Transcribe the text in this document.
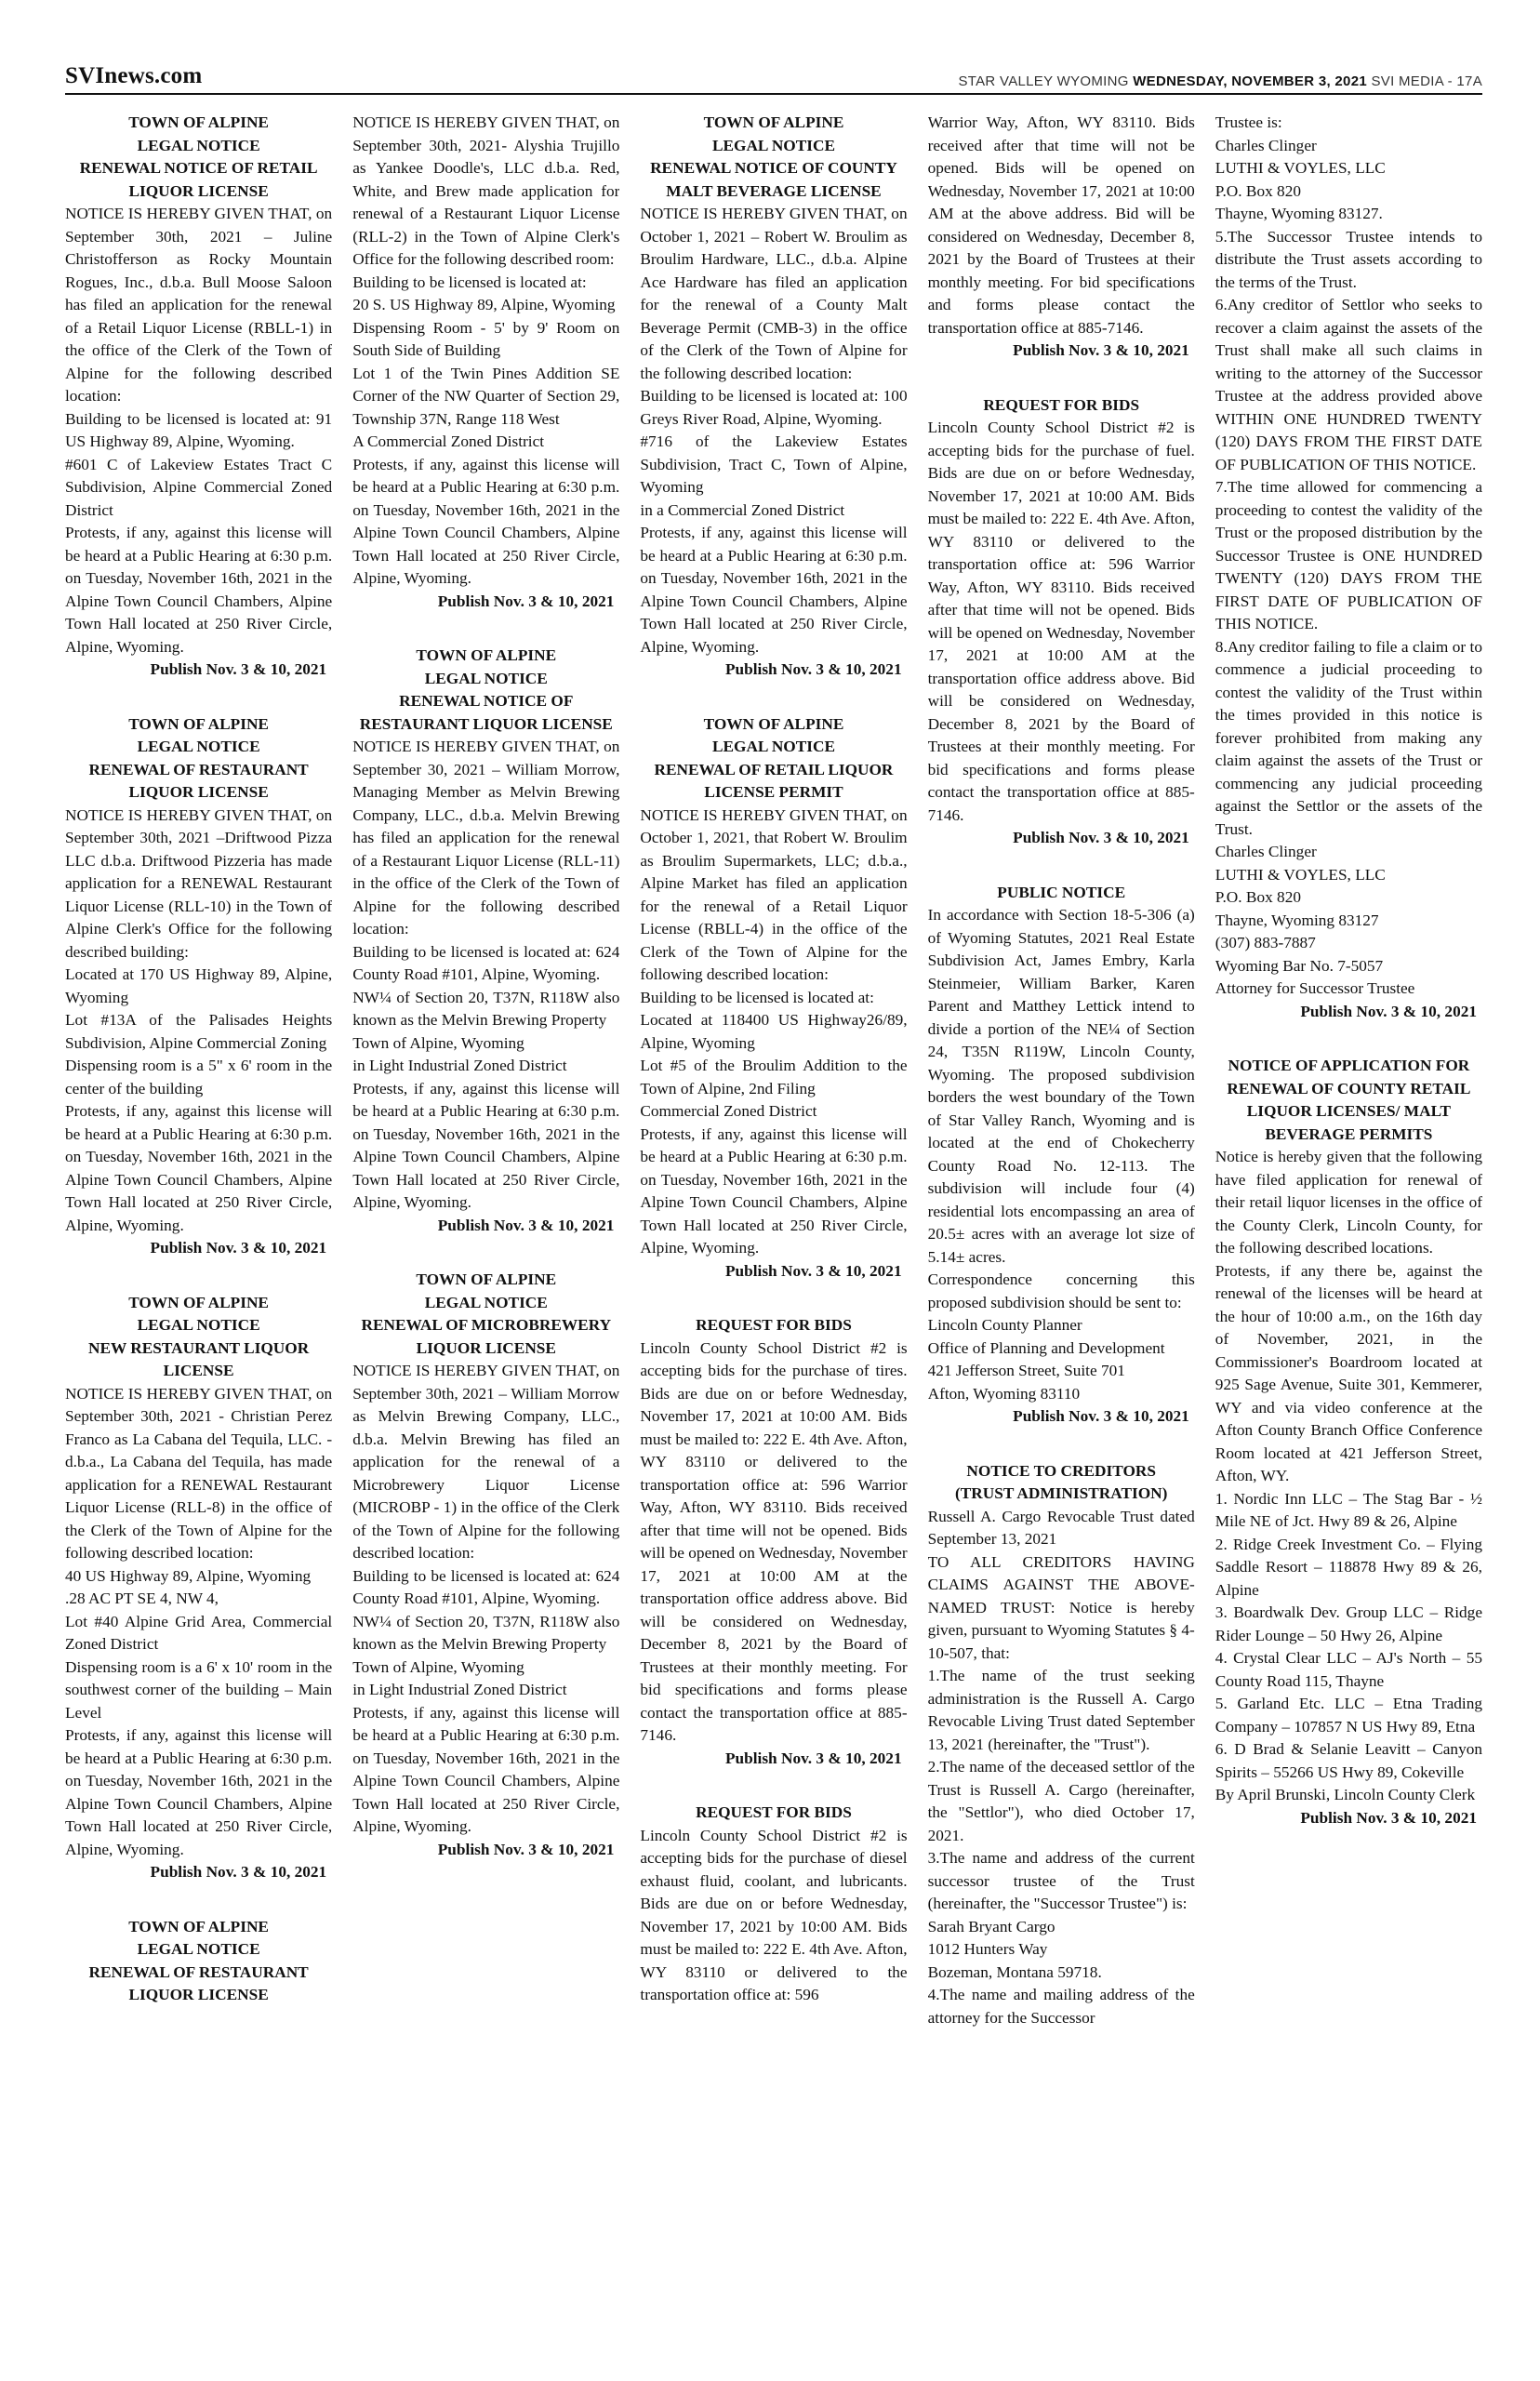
SVInews.com	STAR VALLEY WYOMING WEDNESDAY, NOVEMBER 3, 2021 SVI MEDIA - 17A
TOWN OF ALPINE
LEGAL NOTICE
RENEWAL NOTICE OF RETAIL LIQUOR LICENSE

NOTICE IS HEREBY GIVEN THAT, on September 30th, 2021 – Juline Christofferson as Rocky Mountain Rogues, Inc., d.b.a. Bull Moose Saloon has filed an application for the renewal of a Retail Liquor License (RBLL-1) in the office of the Clerk of the Town of Alpine for the following described location:

Building to be licensed is located at: 91 US Highway 89, Alpine, Wyoming.

#601 C of Lakeview Estates Tract C Subdivision, Alpine Commercial Zoned District

Protests, if any, against this license will be heard at a Public Hearing at 6:30 p.m. on Tuesday, November 16th, 2021 in the Alpine Town Council Chambers, Alpine Town Hall located at 250 River Circle, Alpine, Wyoming.

Publish Nov. 3 & 10, 2021
TOWN OF ALPINE
LEGAL NOTICE
RENEWAL OF RESTAURANT LIQUOR LICENSE

NOTICE IS HEREBY GIVEN THAT, on September 30th, 2021 –Driftwood Pizza LLC d.b.a. Driftwood Pizzeria has made application for a RENEWAL Restaurant Liquor License (RLL-10) in the Town of Alpine Clerk's Office for the following described building:

Located at 170 US Highway 89, Alpine, Wyoming

Lot #13A of the Palisades Heights Subdivision, Alpine Commercial Zoning

Dispensing room is a 5" x 6' room in the center of the building

Protests, if any, against this license will be heard at a Public Hearing at 6:30 p.m. on Tuesday, November 16th, 2021 in the Alpine Town Council Chambers, Alpine Town Hall located at 250 River Circle, Alpine, Wyoming.

Publish Nov. 3 & 10, 2021
TOWN OF ALPINE
LEGAL NOTICE
NEW RESTAURANT LIQUOR LICENSE

NOTICE IS HEREBY GIVEN THAT, on September 30th, 2021 - Christian Perez Franco as La Cabana del Tequila, LLC. - d.b.a., La Cabana del Tequila, has made application for a RENEWAL Restaurant Liquor License (RLL-8) in the office of the Clerk of the Town of Alpine for the following described location:

40 US Highway 89, Alpine, Wyoming

.28 AC PT SE 4, NW 4,

Lot #40 Alpine Grid Area, Commercial Zoned District

Dispensing room is a 6' x 10' room in the southwest corner of the building – Main Level

Protests, if any, against this license will be heard at a Public Hearing at 6:30 p.m. on Tuesday, November 16th, 2021 in the Alpine Town Council Chambers, Alpine Town Hall located at 250 River Circle, Alpine, Wyoming.

Publish Nov. 3 & 10, 2021
TOWN OF ALPINE
LEGAL NOTICE
RENEWAL OF RESTAURANT LIQUOR LICENSE

NOTICE IS HEREBY GIVEN THAT, on September 30th, 2021- Alyshia Trujillo as Yankee Doodle's, LLC d.b.a. Red, White, and Brew made application for renewal of a Restaurant Liquor License (RLL-2) in the Town of Alpine Clerk's Office for the following described room:

Building to be licensed is located at:

20 S. US Highway 89, Alpine, Wyoming

Dispensing Room - 5' by 9' Room on South Side of Building

Lot 1 of the Twin Pines Addition SE Corner of the NW Quarter of Section 29, Township 37N, Range 118 West

A Commercial Zoned District

Protests, if any, against this license will be heard at a Public Hearing at 6:30 p.m. on Tuesday, November 16th, 2021 in the Alpine Town Council Chambers, Alpine Town Hall located at 250 River Circle, Alpine, Wyoming.

Publish Nov. 3 & 10, 2021
TOWN OF ALPINE
LEGAL NOTICE
RENEWAL NOTICE OF RESTAURANT LIQUOR LICENSE

NOTICE IS HEREBY GIVEN THAT, on September 30, 2021 – William Morrow, Managing Member as Melvin Brewing Company, LLC., d.b.a. Melvin Brewing has filed an application for the renewal of a Restaurant Liquor License (RLL-11) in the office of the Clerk of the Town of Alpine for the following described location:

Building to be licensed is located at: 624 County Road #101, Alpine, Wyoming.

NW¼ of Section 20, T37N, R118W also known as the Melvin Brewing Property

Town of Alpine, Wyoming

in Light Industrial Zoned District

Protests, if any, against this license will be heard at a Public Hearing at 6:30 p.m. on Tuesday, November 16th, 2021 in the Alpine Town Council Chambers, Alpine Town Hall located at 250 River Circle, Alpine, Wyoming.

Publish Nov. 3 & 10, 2021
TOWN OF ALPINE
LEGAL NOTICE
RENEWAL OF MICROBREWERY LIQUOR LICENSE

NOTICE IS HEREBY GIVEN THAT, on September 30th, 2021 – William Morrow as Melvin Brewing Company, LLC., d.b.a. Melvin Brewing has filed an application for the renewal of a Microbrewery Liquor License (MICROBP - 1) in the office of the Clerk of the Town of Alpine for the following described location:

Building to be licensed is located at: 624 County Road #101, Alpine, Wyoming.

NW¼ of Section 20, T37N, R118W also known as the Melvin Brewing Property

Town of Alpine, Wyoming

in Light Industrial Zoned District

Protests, if any, against this license will be heard at a Public Hearing at 6:30 p.m. on Tuesday, November 16th, 2021 in the Alpine Town Council Chambers, Alpine Town Hall located at 250 River Circle, Alpine, Wyoming.

Publish Nov. 3 & 10, 2021
TOWN OF ALPINE
LEGAL NOTICE
RENEWAL NOTICE OF COUNTY MALT BEVERAGE LICENSE

NOTICE IS HEREBY GIVEN THAT, on October 1, 2021 – Robert W. Broulim as Broulim Hardware, LLC., d.b.a. Alpine Ace Hardware has filed an application for the renewal of a County Malt Beverage Permit (CMB-3) in the office of the Clerk of the Town of Alpine for the following described location:

Building to be licensed is located at: 100 Greys River Road, Alpine, Wyoming.

#716 of the Lakeview Estates Subdivision, Tract C, Town of Alpine, Wyoming

in a Commercial Zoned District

Protests, if any, against this license will be heard at a Public Hearing at 6:30 p.m. on Tuesday, November 16th, 2021 in the Alpine Town Council Chambers, Alpine Town Hall located at 250 River Circle, Alpine, Wyoming.

Publish Nov. 3 & 10, 2021
TOWN OF ALPINE
LEGAL NOTICE
RENEWAL OF RETAIL LIQUOR LICENSE PERMIT

NOTICE IS HEREBY GIVEN THAT, on October 1, 2021, that Robert W. Broulim as Broulim Supermarkets, LLC; d.b.a., Alpine Market has filed an application for the renewal of a Retail Liquor License (RBLL-4) in the office of the Clerk of the Town of Alpine for the following described location:

Building to be licensed is located at:

Located at 118400 US Highway26/89, Alpine, Wyoming

Lot #5 of the Broulim Addition to the Town of Alpine, 2nd Filing

Commercial Zoned District

Protests, if any, against this license will be heard at a Public Hearing at 6:30 p.m. on Tuesday, November 16th, 2021 in the Alpine Town Council Chambers, Alpine Town Hall located at 250 River Circle, Alpine, Wyoming.

Publish Nov. 3 & 10, 2021
REQUEST FOR BIDS

Lincoln County School District #2 is accepting bids for the purchase of tires. Bids are due on or before Wednesday, November 17, 2021 at 10:00 AM. Bids must be mailed to: 222 E. 4th Ave. Afton, WY 83110 or delivered to the transportation office at: 596 Warrior Way, Afton, WY 83110. Bids received after that time will not be opened. Bids will be opened on Wednesday, November 17, 2021 at 10:00 AM at the transportation office address above. Bid will be considered on Wednesday, December 8, 2021 by the Board of Trustees at their monthly meeting. For bid specifications and forms please contact the transportation office at 885-7146.

Publish Nov. 3 & 10, 2021
REQUEST FOR BIDS

Lincoln County School District #2 is accepting bids for the purchase of diesel exhaust fluid, coolant, and lubricants. Bids are due on or before Wednesday, November 17, 2021 by 10:00 AM. Bids must be mailed to: 222 E. 4th Ave. Afton, WY 83110 or delivered to the transportation office at: 596

Warrior Way, Afton, WY 83110. Bids received after that time will not be opened. Bids will be opened on Wednesday, November 17, 2021 at 10:00 AM at the above address. Bid will be considered on Wednesday, December 8, 2021 by the Board of Trustees at their monthly meeting. For bid specifications and forms please contact the transportation office at 885-7146.

Publish Nov. 3 & 10, 2021
REQUEST FOR BIDS

Lincoln County School District #2 is accepting bids for the purchase of fuel. Bids are due on or before Wednesday, November 17, 2021 at 10:00 AM. Bids must be mailed to: 222 E. 4th Ave. Afton, WY 83110 or delivered to the transportation office at: 596 Warrior Way, Afton, WY 83110. Bids received after that time will not be opened. Bids will be opened on Wednesday, November 17, 2021 at 10:00 AM at the transportation office address above. Bid will be considered on Wednesday, December 8, 2021 by the Board of Trustees at their monthly meeting. For bid specifications and forms please contact the transportation office at 885-7146.

Publish Nov. 3 & 10, 2021
PUBLIC NOTICE

In accordance with Section 18-5-306 (a) of Wyoming Statutes, 2021 Real Estate Subdivision Act, James Embry, Karla Steinmeier, William Barker, Karen Parent and Matthey Lettick intend to divide a portion of the NE¼ of Section 24, T35N R119W, Lincoln County, Wyoming. The proposed subdivision borders the west boundary of the Town of Star Valley Ranch, Wyoming and is located at the end of Chokecherry County Road No. 12-113. The subdivision will include four (4) residential lots encompassing an area of 20.5± acres with an average lot size of 5.14± acres.

Correspondence concerning this proposed subdivision should be sent to:

Lincoln County Planner

Office of Planning and Development

421 Jefferson Street, Suite 701

Afton, Wyoming 83110

Publish Nov. 3 & 10, 2021
NOTICE TO CREDITORS
(TRUST ADMINISTRATION)

Russell A. Cargo Revocable Trust dated September 13, 2021

TO ALL CREDITORS HAVING CLAIMS AGAINST THE ABOVE-NAMED TRUST: Notice is hereby given, pursuant to Wyoming Statutes § 4-10-507, that:

1.The name of the trust seeking administration is the Russell A. Cargo Revocable Living Trust dated September 13, 2021 (hereinafter, the "Trust").

2.The name of the deceased settlor of the Trust is Russell A. Cargo (hereinafter, the "Settlor"), who died October 17, 2021.

3.The name and address of the current successor trustee of the Trust (hereinafter, the "Successor Trustee") is:

Sarah Bryant Cargo

1012 Hunters Way

Bozeman, Montana 59718.

4.The name and mailing address of the attorney for the Successor

Trustee is:

Charles Clinger

LUTHI & VOYLES, LLC

P.O. Box 820

Thayne, Wyoming 83127.

5.The Successor Trustee intends to distribute the Trust assets according to the terms of the Trust.

6.Any creditor of Settlor who seeks to recover a claim against the assets of the Trust shall make all such claims in writing to the attorney of the Successor Trustee at the address provided above WITHIN ONE HUNDRED TWENTY (120) DAYS FROM THE FIRST DATE OF PUBLICATION OF THIS NOTICE.

7.The time allowed for commencing a proceeding to contest the validity of the Trust or the proposed distribution by the Successor Trustee is ONE HUNDRED TWENTY (120) DAYS FROM THE FIRST DATE OF PUBLICATION OF THIS NOTICE.

8.Any creditor failing to file a claim or to commence a judicial proceeding to contest the validity of the Trust within the times provided in this notice is forever prohibited from making any claim against the assets of the Trust or commencing any judicial proceeding against the Settlor or the assets of the Trust.

Charles Clinger

LUTHI & VOYLES, LLC

P.O. Box 820

Thayne, Wyoming 83127

(307) 883-7887

Wyoming Bar No. 7-5057

Attorney for Successor Trustee

Publish Nov. 3 & 10, 2021
NOTICE OF APPLICATION FOR RENEWAL OF COUNTY RETAIL LIQUOR LICENSES/ MALT BEVERAGE PERMITS

Notice is hereby given that the following have filed application for renewal of their retail liquor licenses in the office of the County Clerk, Lincoln County, for the following described locations.

Protests, if any there be, against the renewal of the licenses will be heard at the hour of 10:00 a.m., on the 16th day of November, 2021, in the Commissioner's Boardroom located at 925 Sage Avenue, Suite 301, Kemmerer, WY and via video conference at the Afton County Branch Office Conference Room located at 421 Jefferson Street, Afton, WY.

1. Nordic Inn LLC – The Stag Bar - ½ Mile NE of Jct. Hwy 89 & 26, Alpine

2. Ridge Creek Investment Co. – Flying Saddle Resort – 118878 Hwy 89 & 26, Alpine

3. Boardwalk Dev. Group LLC – Ridge Rider Lounge – 50 Hwy 26, Alpine

4. Crystal Clear LLC – AJ's North – 55 County Road 115, Thayne

5. Garland Etc. LLC – Etna Trading Company – 107857 N US Hwy 89, Etna

6. D Brad & Selanie Leavitt – Canyon Spirits – 55266 US Hwy 89, Cokeville

By April Brunski, Lincoln County Clerk

Publish Nov. 3 & 10, 2021
